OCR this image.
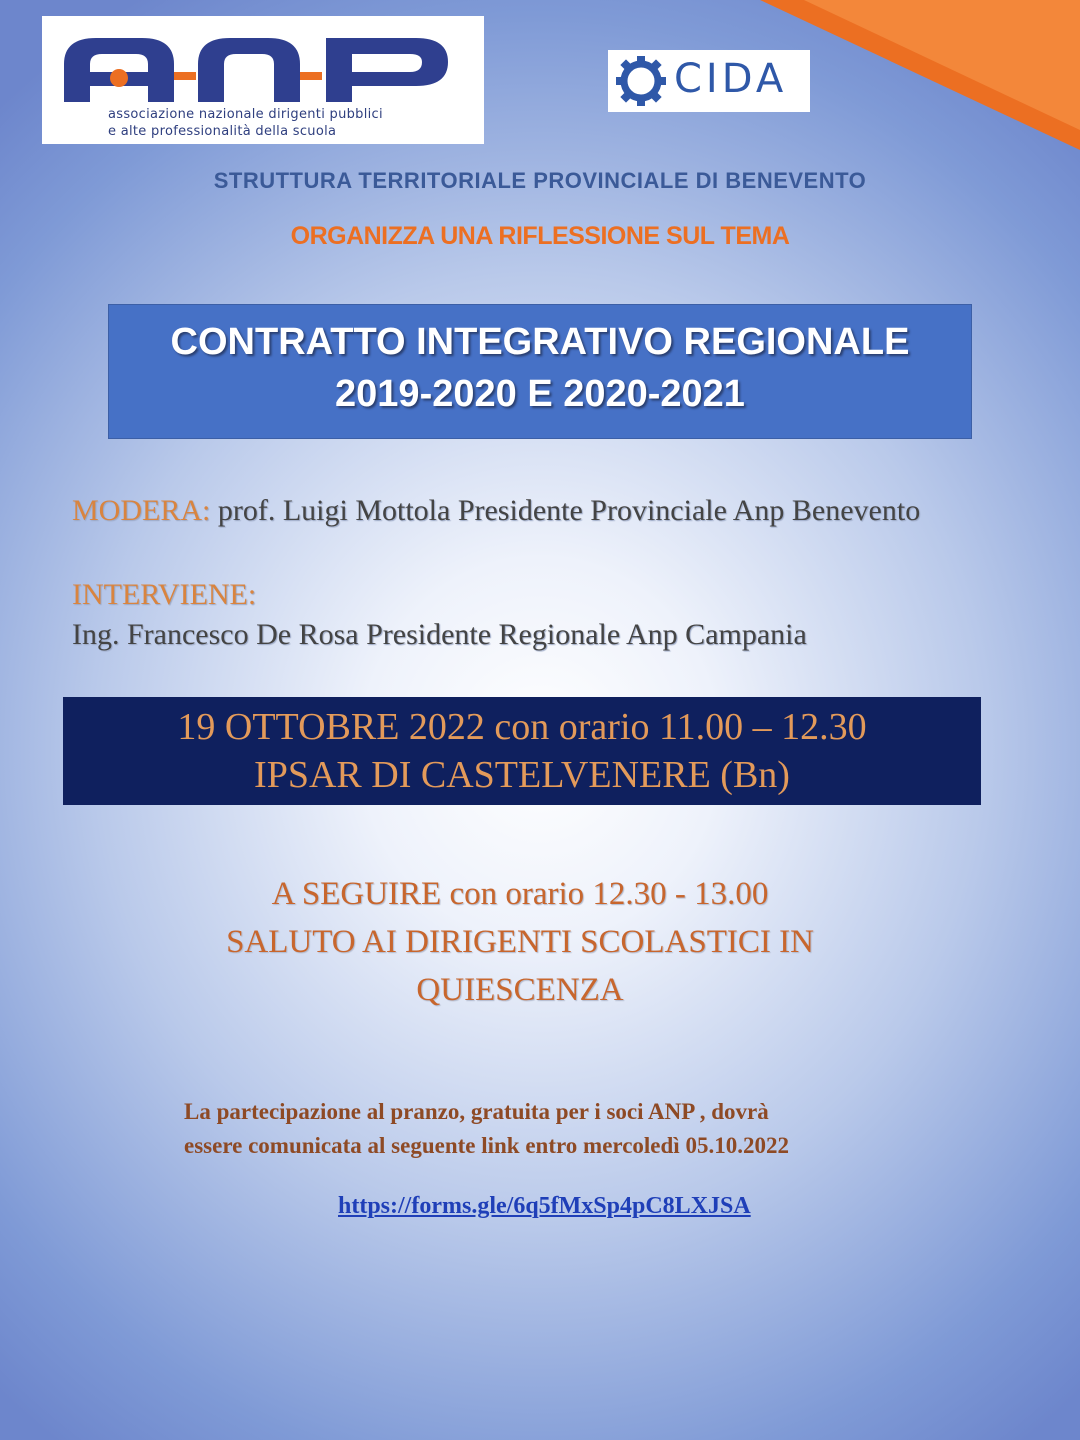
associazione nazionale dirigenti pubblici
e alte professionalità della scuola
CIDA
STRUTTURA TERRITORIALE PROVINCIALE DI BENEVENTO
ORGANIZZA UNA RIFLESSIONE SUL TEMA
CONTRATTO INTEGRATIVO REGIONALE
2019-2020 E 2020-2021
MODERA: prof. Luigi Mottola Presidente Provinciale Anp Benevento
INTERVIENE:
Ing. Francesco De Rosa Presidente Regionale Anp Campania
19 OTTOBRE 2022 con orario 11.00 – 12.30
IPSAR DI CASTELVENERE (Bn)
A SEGUIRE con orario 12.30 - 13.00
SALUTO AI DIRIGENTI SCOLASTICI IN
QUIESCENZA
La partecipazione al pranzo, gratuita per i soci ANP , dovrà
essere comunicata al seguente link entro mercoledì 05.10.2022
https://forms.gle/6q5fMxSp4pC8LXJSA
